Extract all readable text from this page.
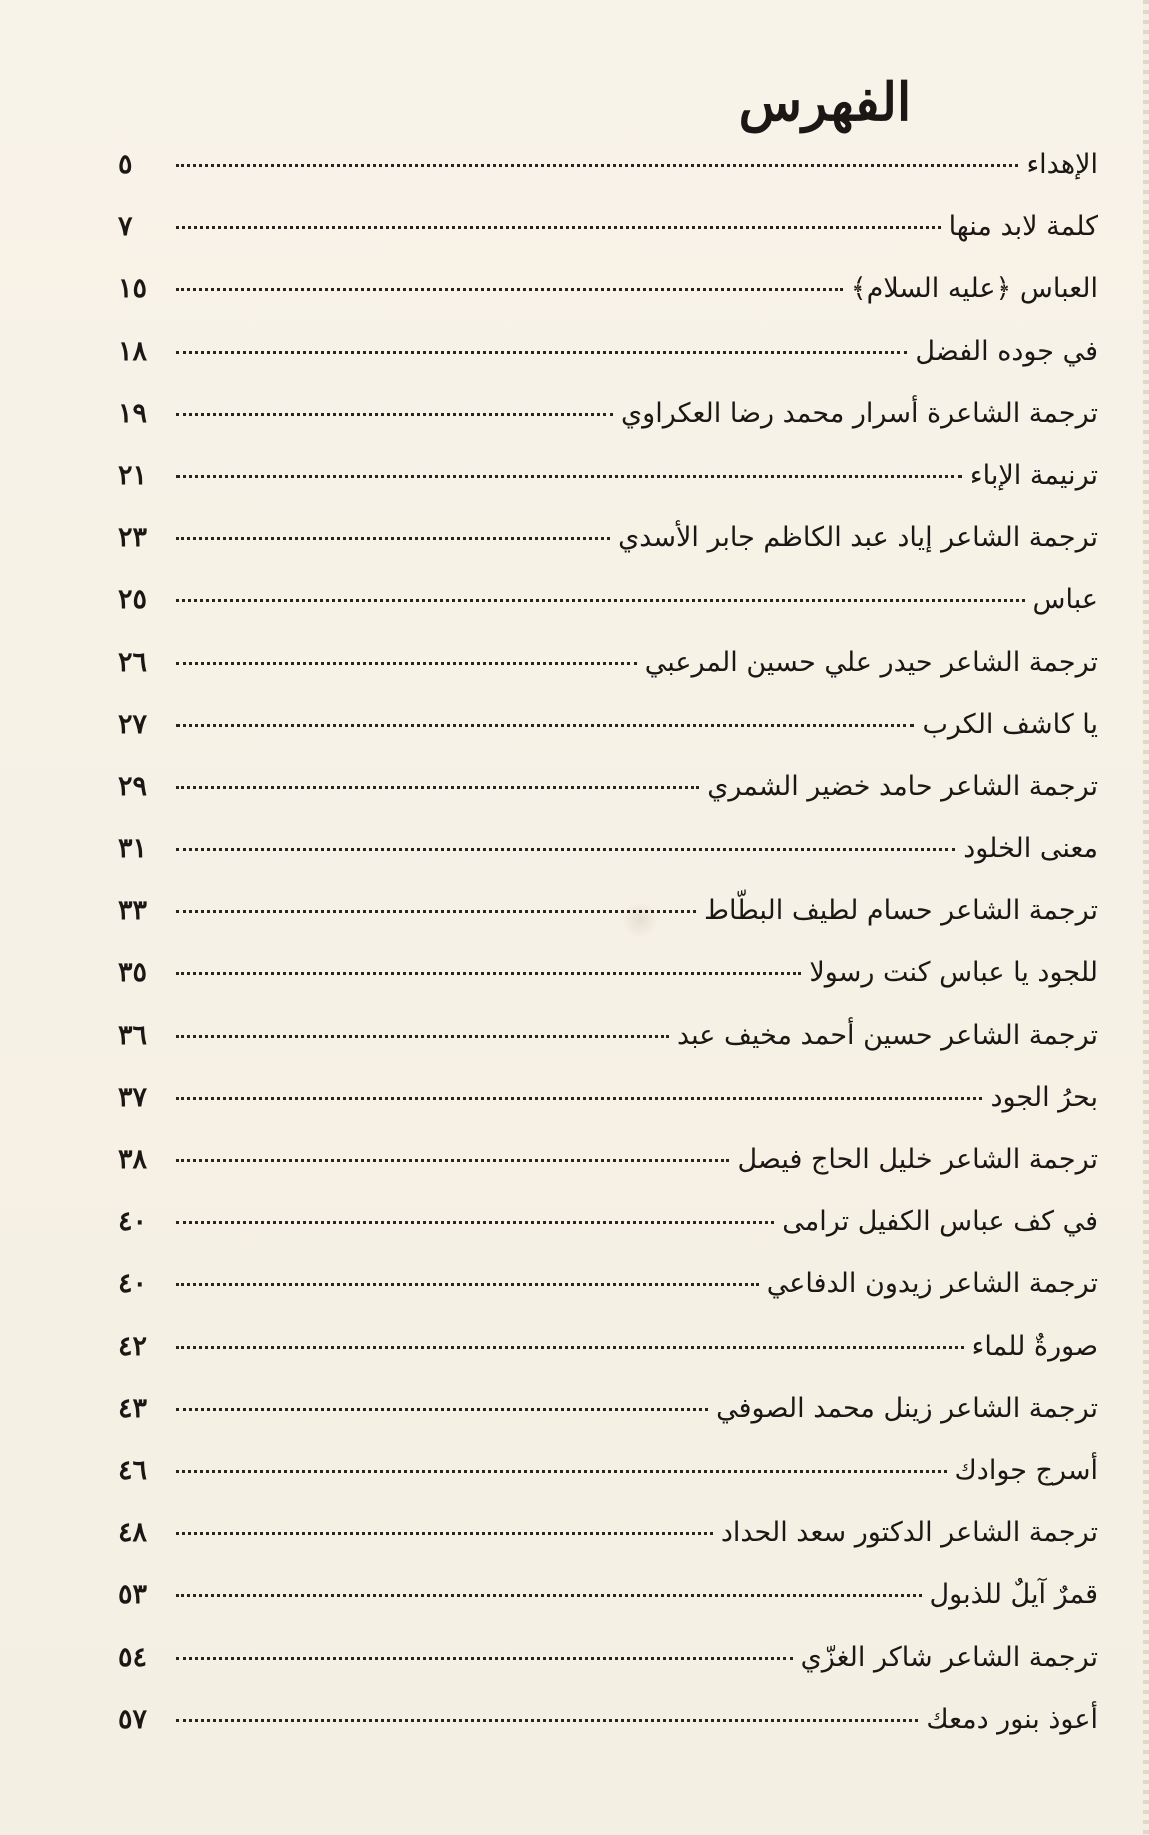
الفهرس
الإهداء
٥
كلمة لابد منها
٧
العباس ﴿عليه السلام﴾
١٥
في جوده الفضل
١٨
ترجمة الشاعرة أسرار محمد رضا العكراوي
١٩
ترنيمة الإباء
٢١
ترجمة الشاعر إياد عبد الكاظم جابر الأسدي
٢٣
عباس
٢٥
ترجمة الشاعر حيدر علي حسين المرعبي
٢٦
يا كاشف الكرب
٢٧
ترجمة الشاعر حامد خضير الشمري
٢٩
معنى الخلود
٣١
ترجمة الشاعر حسام لطيف البطّاط
٣٣
للجود يا عباس كنت رسولا
٣٥
ترجمة الشاعر حسين أحمد مخيف عبد
٣٦
بحرُ الجود
٣٧
ترجمة الشاعر خليل الحاج فيصل
٣٨
في كف عباس الكفيل ترامى
٤٠
ترجمة الشاعر زيدون الدفاعي
٤٠
صورةٌ للماء
٤٢
ترجمة الشاعر زينل محمد الصوفي
٤٣
أسرج جوادك
٤٦
ترجمة الشاعر الدكتور سعد الحداد
٤٨
قمرٌ آيلٌ للذبول
٥٣
ترجمة الشاعر شاكر الغزّي
٥٤
أعوذ بنور دمعك
٥٧
